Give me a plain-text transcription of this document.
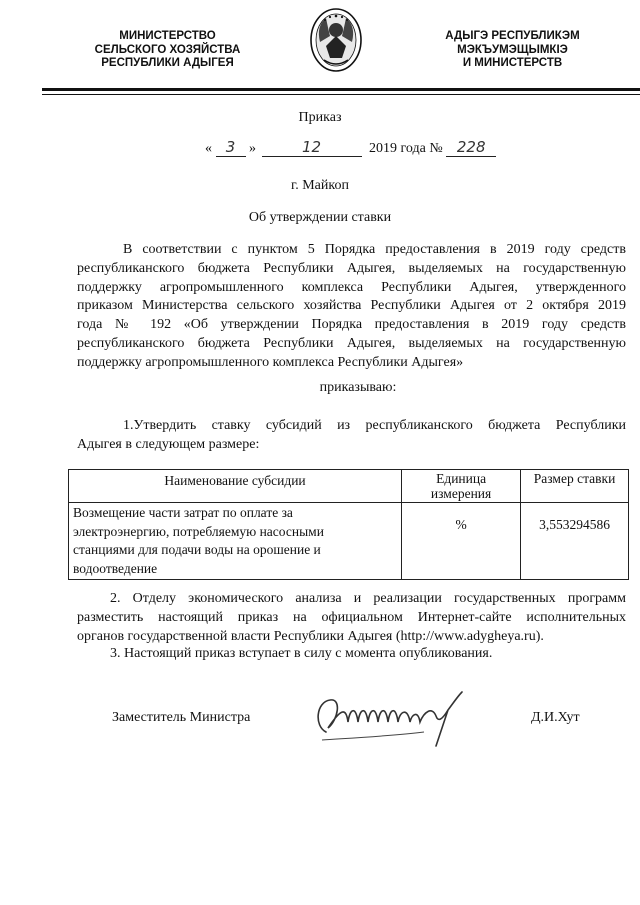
МИНИСТЕРСТВО
СЕЛЬСКОГО ХОЗЯЙСТВА
РЕСПУБЛИКИ АДЫГЕЯ
АДЫГЭ РЕСПУБЛИКЭМ
МЭКЪУМЭЩЫМКІЭ
И МИНИСТЕРСТВ
Приказ
« 3 »	12	2019 года № 228
г. Майкоп
Об утверждении ставки
В соответствии с пунктом 5 Порядка предоставления в 2019 году средств
республиканского бюджета Республики Адыгея, выделяемых на государственную
поддержку агропромышленного комплекса Республики Адыгея, утвержденного
приказом Министерства сельского хозяйства Республики Адыгея от 2 октября 2019
года № 192 «Об утверждении Порядка предоставления в 2019 году средств
республиканского бюджета Республики Адыгея, выделяемых на государственную
поддержку агропромышленного комплекса Республики Адыгея»
приказываю:
1.Утвердить ставку субсидий из республиканского бюджета Республики
Адыгея в следующем размере:
Наименование субсидии	Единица измерения	Размер ставки

Возмещение части затрат по оплате за
электроэнергию, потребляемую насосными
станциями для подачи воды на орошение и
водоотведение	%	3,553294586
2. Отделу экономического анализа и реализации государственных программ
разместить настоящий приказ на официальном Интернет-сайте исполнительных
органов государственной власти Республики Адыгея (http://www.adygheya.ru).
3. Настоящий приказ вступает в силу с момента опубликования.
Заместитель Министра	Д.И.Хут
